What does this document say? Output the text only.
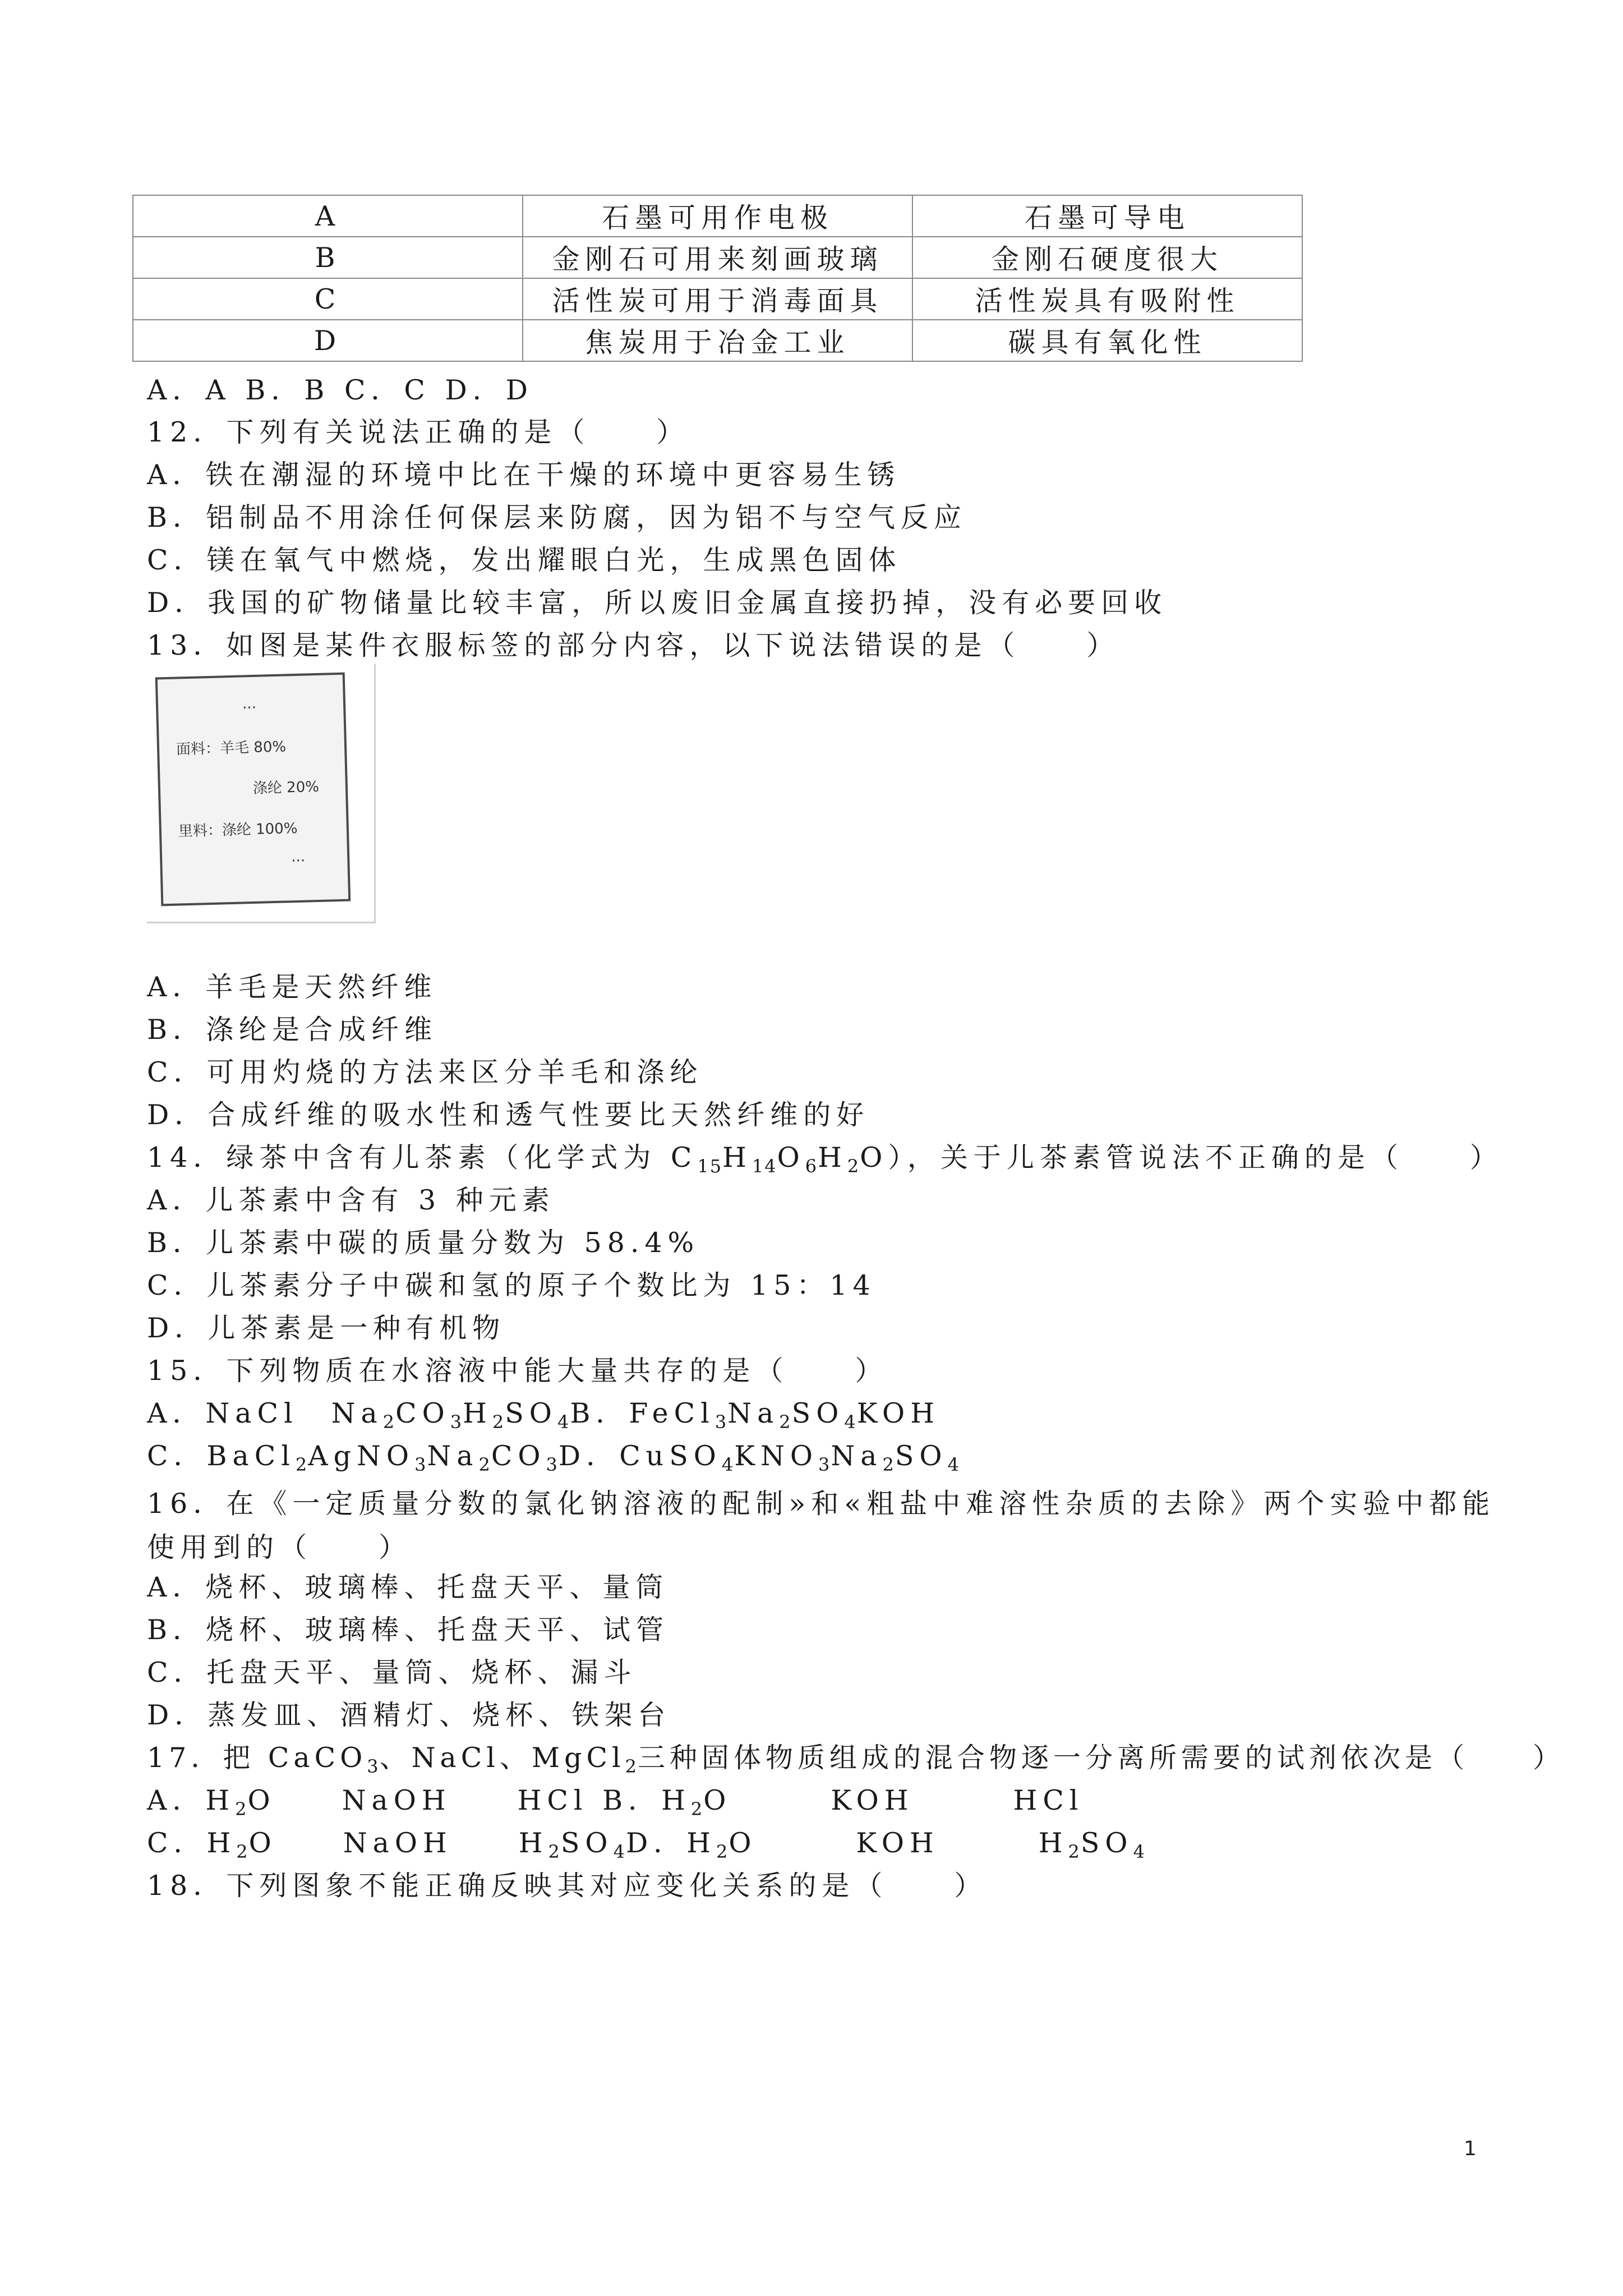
A	石墨可用作电极	石墨可导电
B	金刚石可用来刻画玻璃	金刚石硬度很大
C	活性炭可用于消毒面具	活性炭具有吸附性
D	焦炭用于冶金工业	碳具有氧化性
A．A B．B C．C D．D
12．下列有关说法正确的是（　　）
A．铁在潮湿的环境中比在干燥的环境中更容易生锈
B．铝制品不用涂任何保层来防腐，因为铝不与空气反应
C．镁在氧气中燃烧，发出耀眼白光，生成黑色固体
D．我国的矿物储量比较丰富，所以废旧金属直接扔掉，没有必要回收
13．如图是某件衣服标签的部分内容，以下说法错误的是（　　）
···
面料：羊毛 80%
涤纶 20%
里料：涤纶 100%
···
A．羊毛是天然纤维
B．涤纶是合成纤维
C．可用灼烧的方法来区分羊毛和涤纶
D．合成纤维的吸水性和透气性要比天然纤维的好
14．绿茶中含有儿茶素（化学式为 $C_{15}H_{14}O_6H_2O$），关于儿茶素管说法不正确的是（　　）
A．儿茶素中含有 3 种元素
B．儿茶素中碳的质量分数为 58.4%
C．儿茶素分子中碳和氢的原子个数比为 15：14
D．儿茶素是一种有机物
15．下列物质在水溶液中能大量共存的是（　　）
A．NaCl　$Na_2CO_3H_2SO_4B$．$FeCl_3Na_2SO_4KOH$
C．$BaCl_2AgNO_3Na_2CO_3D$．$CuSO_4KNO_3Na_2SO_4$
16．在《一定质量分数的氯化钠溶液的配制»和«粗盐中难溶性杂质的去除》两个实验中都能使用到的（　　）
A．烧杯、玻璃棒、托盘天平、量筒
B．烧杯、玻璃棒、托盘天平、试管
C．托盘天平、量筒、烧杯、漏斗
D．蒸发皿、酒精灯、烧杯、铁架台
17．把 CaCO$_3$、NaCl、MgCl$_2$三种固体物质组成的混合物逐一分离所需要的试剂依次是（　　）
A．$H_2O$　　NaOH　　HCl B．$H_2O$　　　KOH　　　HCl
C．$H_2O$　　NaOH　　$H_2SO_4D$．$H_2O$　　　KOH　　　$H_2SO_4$
18．下列图象不能正确反映其对应变化关系的是（　　）
1
